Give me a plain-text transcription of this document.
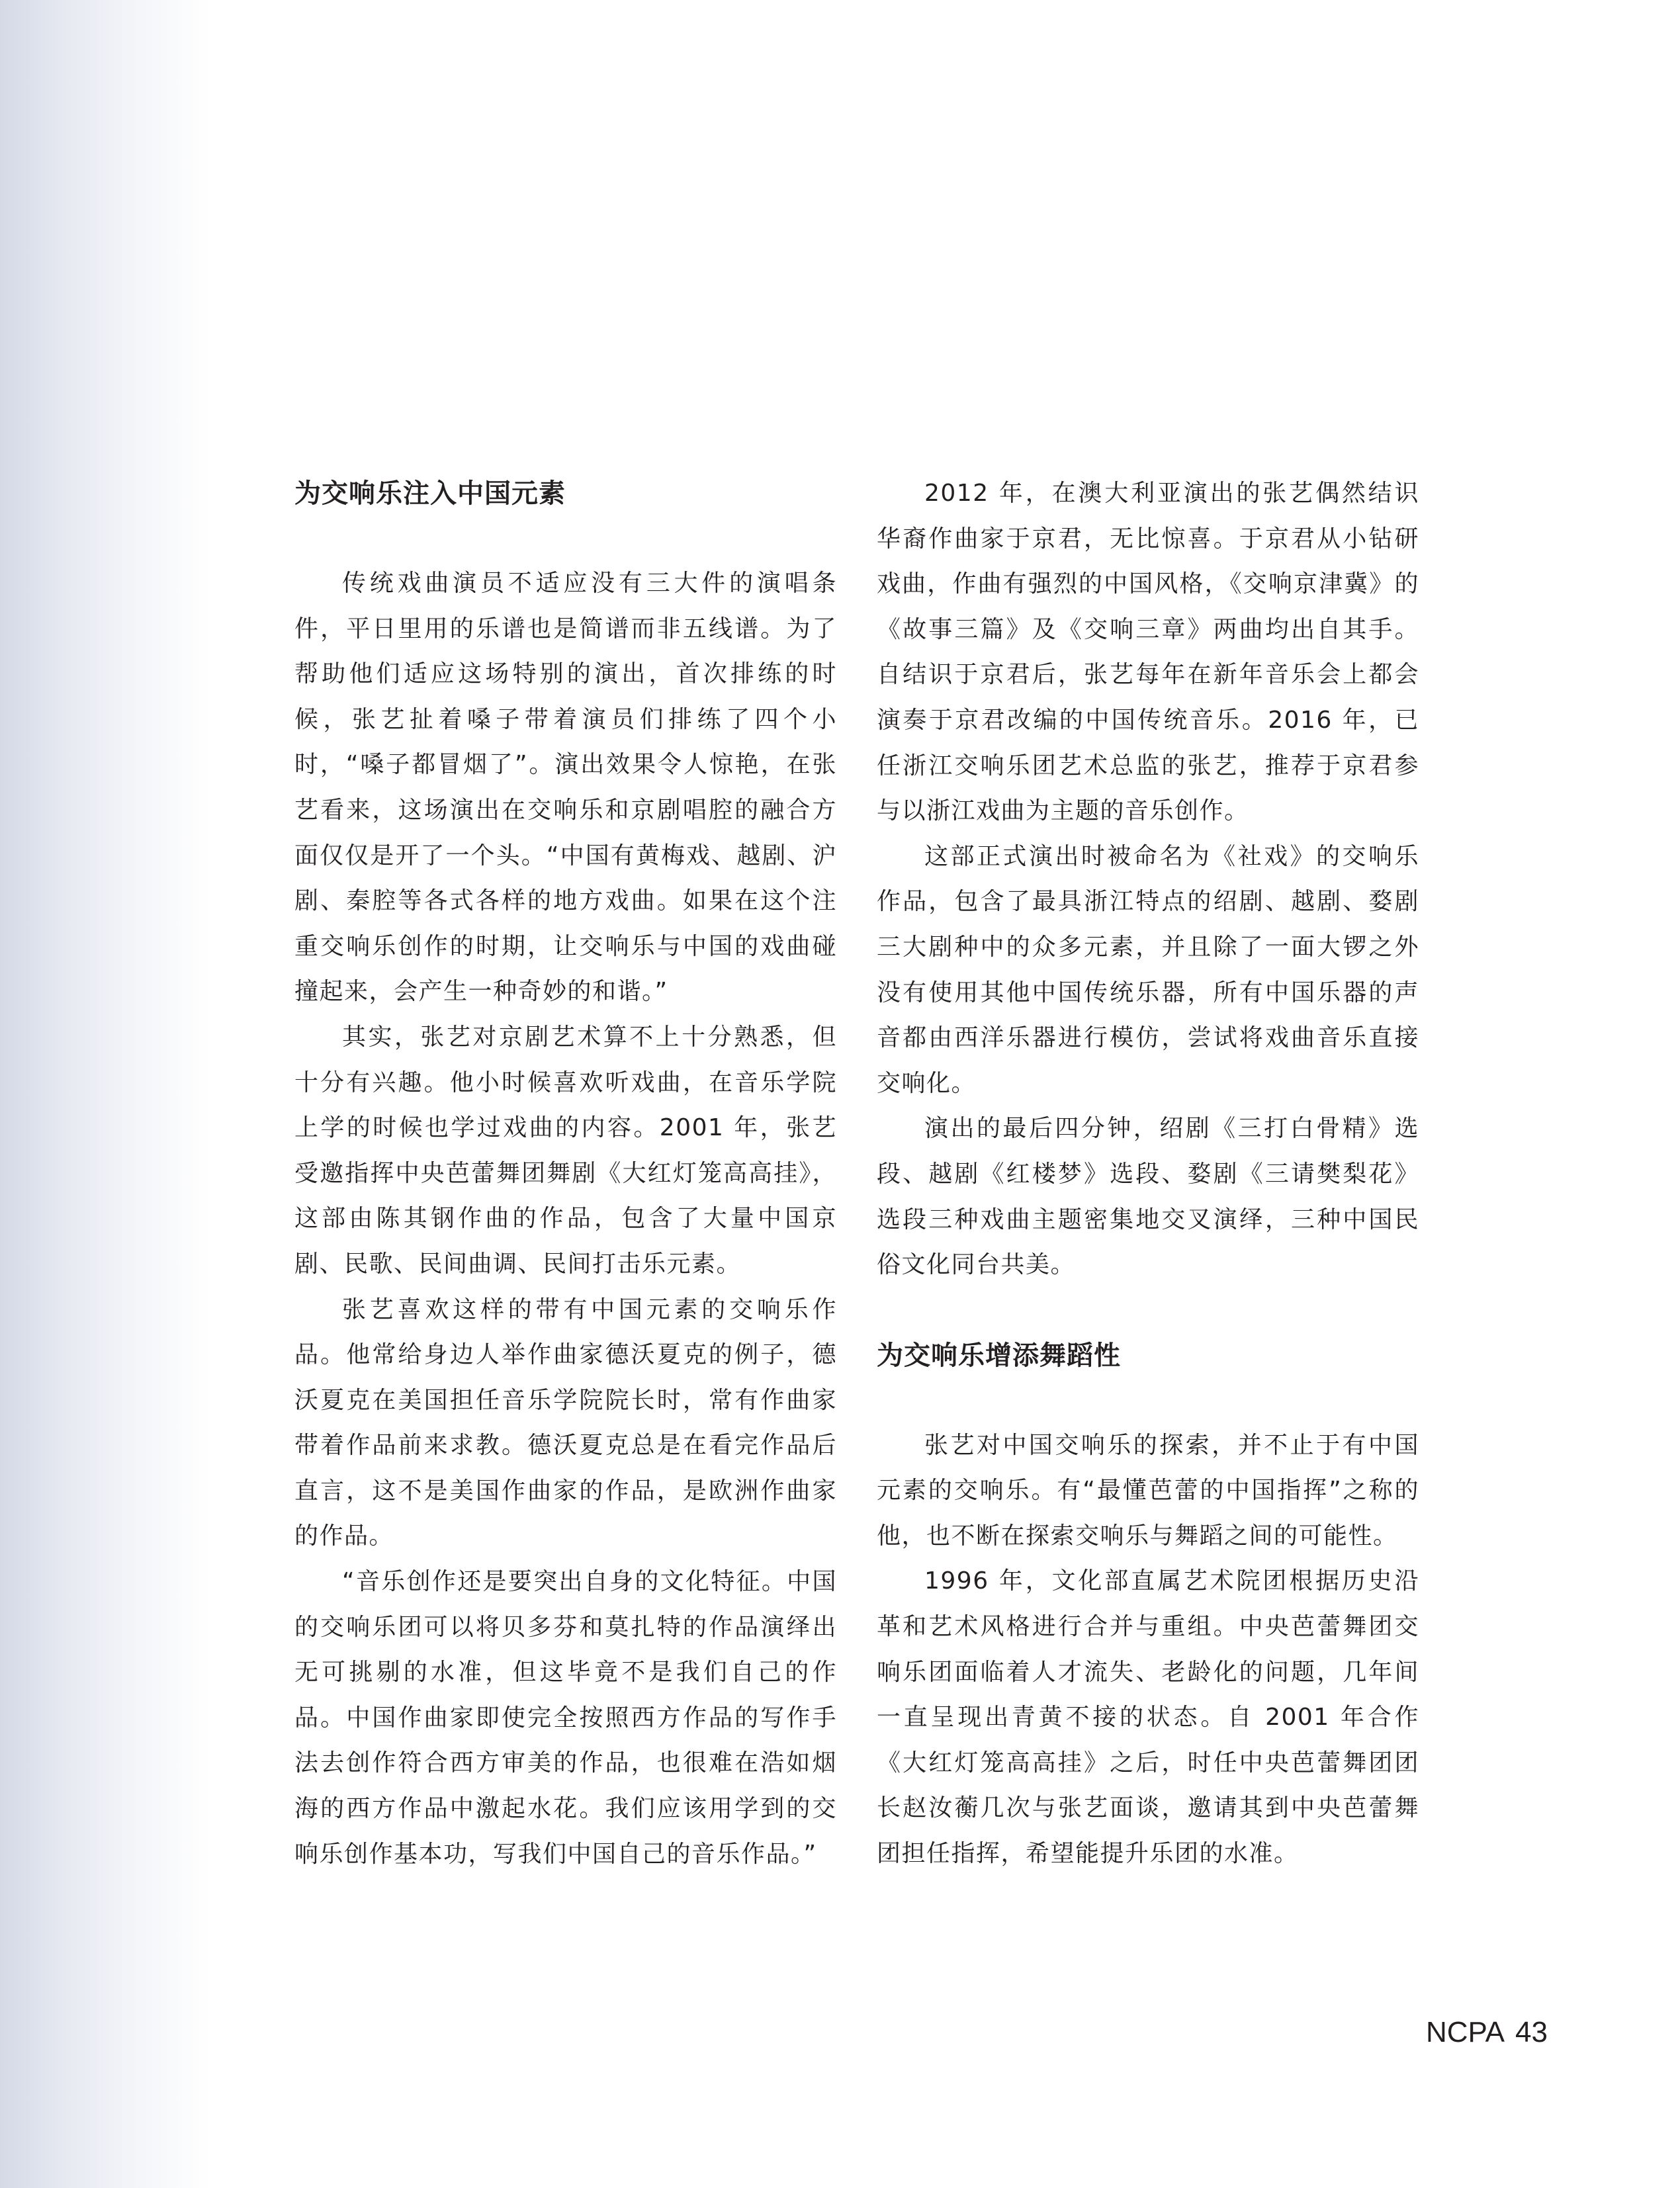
为交响乐注入中国元素

传统戏曲演员不适应没有三大件的演唱条件，平日里用的乐谱也是简谱而非五线谱。为了帮助他们适应这场特别的演出，首次排练的时候，张艺扯着嗓子带着演员们排练了四个小时，“嗓子都冒烟了”。演出效果令人惊艳，在张艺看来，这场演出在交响乐和京剧唱腔的融合方面仅仅是开了一个头。“中国有黄梅戏、越剧、沪剧、秦腔等各式各样的地方戏曲。如果在这个注重交响乐创作的时期，让交响乐与中国的戏曲碰撞起来，会产生一种奇妙的和谐。”

其实，张艺对京剧艺术算不上十分熟悉，但十分有兴趣。他小时候喜欢听戏曲，在音乐学院上学的时候也学过戏曲的内容。2001 年，张艺受邀指挥中央芭蕾舞团舞剧《大红灯笼高高挂》，这部由陈其钢作曲的作品，包含了大量中国京剧、民歌、民间曲调、民间打击乐元素。

张艺喜欢这样的带有中国元素的交响乐作品。他常给身边人举作曲家德沃夏克的例子，德沃夏克在美国担任音乐学院院长时，常有作曲家带着作品前来求教。德沃夏克总是在看完作品后直言，这不是美国作曲家的作品，是欧洲作曲家的作品。

“音乐创作还是要突出自身的文化特征。中国的交响乐团可以将贝多芬和莫扎特的作品演绎出无可挑剔的水准，但这毕竟不是我们自己的作品。中国作曲家即使完全按照西方作品的写作手法去创作符合西方审美的作品，也很难在浩如烟海的西方作品中激起水花。我们应该用学到的交响乐创作基本功，写我们中国自己的音乐作品。”

2012 年，在澳大利亚演出的张艺偶然结识华裔作曲家于京君，无比惊喜。于京君从小钻研戏曲，作曲有强烈的中国风格，《交响京津冀》的《故事三篇》及《交响三章》两曲均出自其手。自结识于京君后，张艺每年在新年音乐会上都会演奏于京君改编的中国传统音乐。2016 年，已任浙江交响乐团艺术总监的张艺，推荐于京君参与以浙江戏曲为主题的音乐创作。

这部正式演出时被命名为《社戏》的交响乐作品，包含了最具浙江特点的绍剧、越剧、婺剧三大剧种中的众多元素，并且除了一面大锣之外没有使用其他中国传统乐器，所有中国乐器的声音都由西洋乐器进行模仿，尝试将戏曲音乐直接交响化。

演出的最后四分钟，绍剧《三打白骨精》选段、越剧《红楼梦》选段、婺剧《三请樊梨花》选段三种戏曲主题密集地交叉演绎，三种中国民俗文化同台共美。

为交响乐增添舞蹈性

张艺对中国交响乐的探索，并不止于有中国元素的交响乐。有“最懂芭蕾的中国指挥”之称的他，也不断在探索交响乐与舞蹈之间的可能性。

1996 年，文化部直属艺术院团根据历史沿革和艺术风格进行合并与重组。中央芭蕾舞团交响乐团面临着人才流失、老龄化的问题，几年间一直呈现出青黄不接的状态。自 2001 年合作《大红灯笼高高挂》之后，时任中央芭蕾舞团团长赵汝蘅几次与张艺面谈，邀请其到中央芭蕾舞团担任指挥，希望能提升乐团的水准。

NCPA 43
